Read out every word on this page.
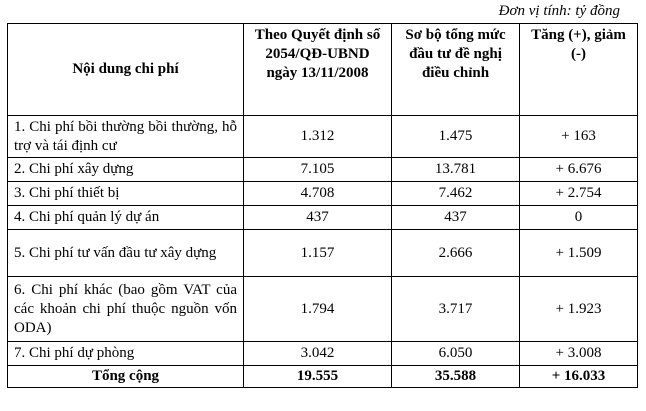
Đơn vị tính: tỷ đồng
Nội dung chi phí	Theo Quyết định số 2054/QĐ-UBND ngày 13/11/2008	Sơ bộ tổng mức đầu tư đề nghị điều chỉnh	Tăng (+), giảm (-)
1. Chi phí bồi thường bồi thường, hỗ trợ và tái định cư	1.312	1.475	+ 163
2. Chi phí xây dựng	7.105	13.781	+ 6.676
3. Chi phí thiết bị	4.708	7.462	+ 2.754
4. Chi phí quản lý dự án	437	437	0
5. Chi phí tư vấn đầu tư xây dựng	1.157	2.666	+ 1.509
6. Chi phí khác (bao gồm VAT của các khoản chi phí thuộc nguồn vốn ODA)	1.794	3.717	+ 1.923
7. Chi phí dự phòng	3.042	6.050	+ 3.008
Tổng cộng	19.555	35.588	+ 16.033
